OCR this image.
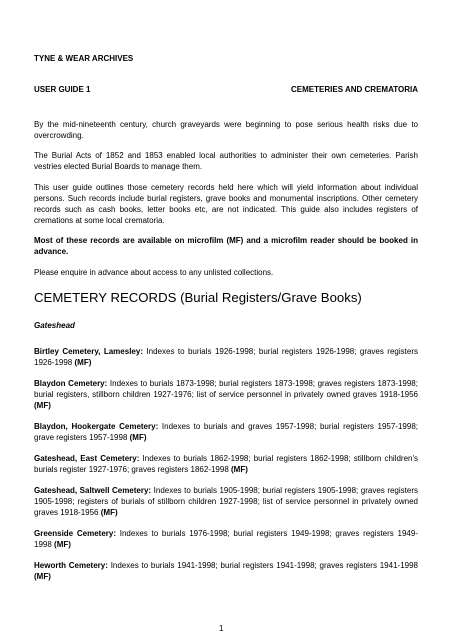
TYNE & WEAR ARCHIVES
USER GUIDE 1	CEMETERIES AND CREMATORIA
By the mid-nineteenth century, church graveyards were beginning to pose serious health risks due to overcrowding.
The Burial Acts of 1852 and 1853 enabled local authorities to administer their own cemeteries. Parish vestries elected Burial Boards to manage them.
This user guide outlines those cemetery records held here which will yield information about individual persons. Such records include burial registers, grave books and monumental inscriptions. Other cemetery records such as cash books, letter books etc, are not indicated. This guide also includes registers of cremations at some local crematoria.
Most of these records are available on microfilm (MF) and a microfilm reader should be booked in advance.
Please enquire in advance about access to any unlisted collections.
CEMETERY RECORDS (Burial Registers/Grave Books)
Gateshead
Birtley Cemetery, Lamesley: Indexes to burials 1926-1998; burial registers 1926-1998; graves registers 1926-1998 (MF)
Blaydon Cemetery: Indexes to burials 1873-1998; burial registers 1873-1998; graves registers 1873-1998; burial registers, stillborn children 1927-1976; list of service personnel in privately owned graves 1918-1956 (MF)
Blaydon, Hookergate Cemetery: Indexes to burials and graves 1957-1998; burial registers 1957-1998; grave registers 1957-1998 (MF)
Gateshead, East Cemetery: Indexes to burials 1862-1998; burial registers 1862-1998; stillborn children's burials register 1927-1976; graves registers 1862-1998 (MF)
Gateshead, Saltwell Cemetery: Indexes to burials 1905-1998; burial registers 1905-1998; graves registers 1905-1998; registers of burials of stillborn children 1927-1998; list of service personnel in privately owned graves 1918-1956 (MF)
Greenside Cemetery: Indexes to burials 1976-1998; burial registers 1949-1998; graves registers 1949-1998 (MF)
Heworth Cemetery: Indexes to burials 1941-1998; burial registers 1941-1998; graves registers 1941-1998 (MF)
1
